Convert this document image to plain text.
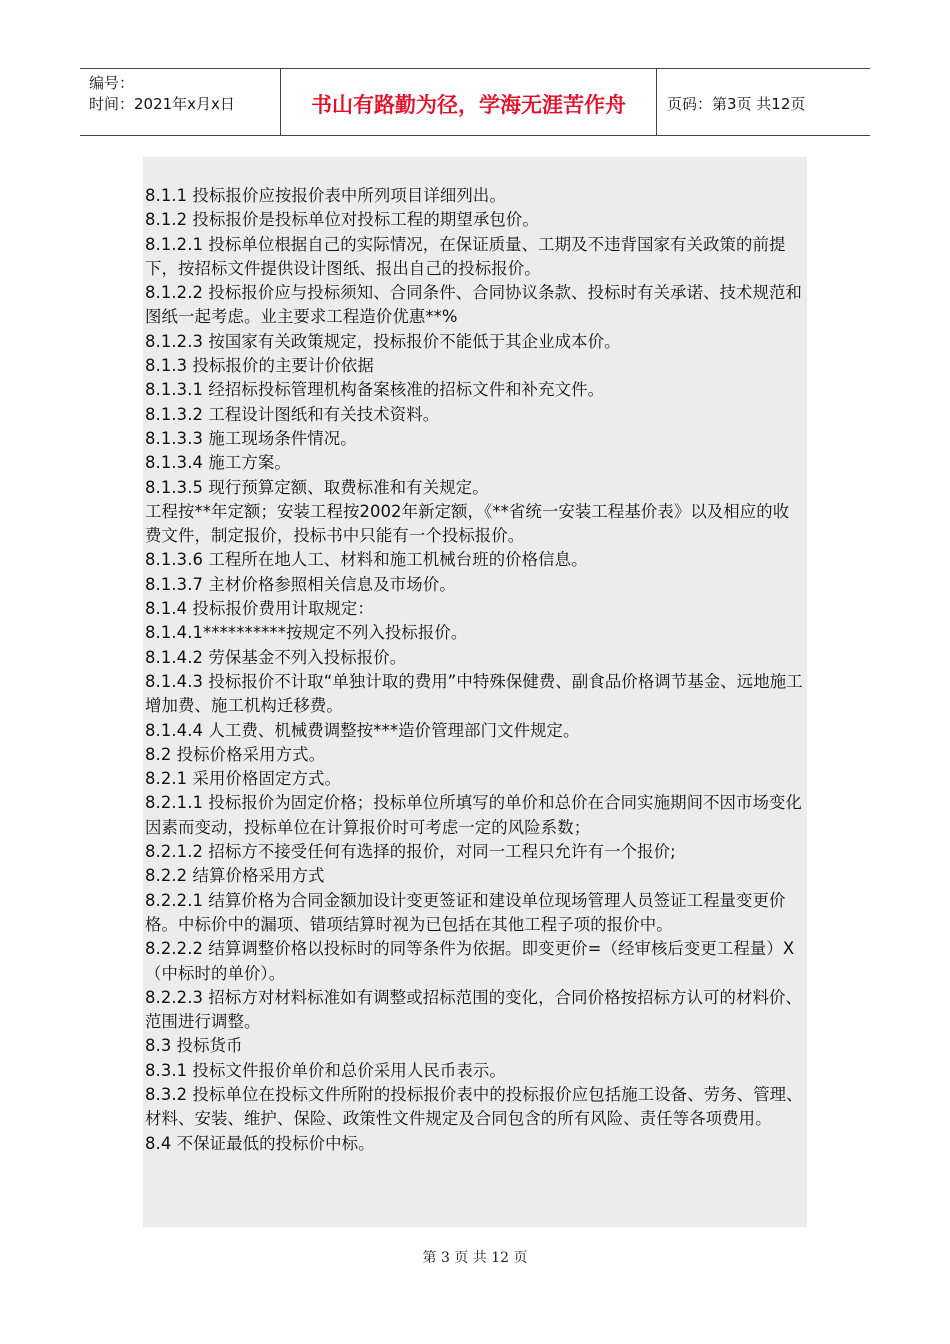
编号：
时间：2021年x月x日	书山有路勤为径，学海无涯苦作舟	页码：第3页 共12页

8.1.1 投标报价应按报价表中所列项目详细列出。

8.1.2 投标报价是投标单位对投标工程的期望承包价。

8.1.2.1 投标单位根据自己的实际情况，在保证质量、工期及不违背国家有关政策的前提下，按招标文件提供设计图纸、报出自己的投标报价。

8.1.2.2 投标报价应与投标须知、合同条件、合同协议条款、投标时有关承诺、技术规范和图纸一起考虑。业主要求工程造价优惠**%

8.1.2.3 按国家有关政策规定，投标报价不能低于其企业成本价。

8.1.3 投标报价的主要计价依据

8.1.3.1 经招标投标管理机构备案核准的招标文件和补充文件。

8.1.3.2 工程设计图纸和有关技术资料。

8.1.3.3 施工现场条件情况。

8.1.3.4 施工方案。

8.1.3.5 现行预算定额、取费标准和有关规定。

工程按**年定额；安装工程按2002年新定额，《**省统一安装工程基价表》以及相应的收费文件，制定报价，投标书中只能有一个投标报价。

8.1.3.6 工程所在地人工、材料和施工机械台班的价格信息。

8.1.3.7 主材价格参照相关信息及市场价。

8.1.4 投标报价费用计取规定：

8.1.4.1**********按规定不列入投标报价。

8.1.4.2 劳保基金不列入投标报价。

8.1.4.3 投标报价不计取“单独计取的费用”中特殊保健费、副食品价格调节基金、远地施工增加费、施工机构迁移费。

8.1.4.4 人工费、机械费调整按***造价管理部门文件规定。

8.2 投标价格采用方式。

8.2.1 采用价格固定方式。

8.2.1.1 投标报价为固定价格；投标单位所填写的单价和总价在合同实施期间不因市场变化因素而变动，投标单位在计算报价时可考虑一定的风险系数；

8.2.1.2 招标方不接受任何有选择的报价，对同一工程只允许有一个报价;

8.2.2 结算价格采用方式

8.2.2.1 结算价格为合同金额加设计变更签证和建设单位现场管理人员签证工程量变更价格。中标价中的漏项、错项结算时视为已包括在其他工程子项的报价中。

8.2.2.2 结算调整价格以投标时的同等条件为依据。即变更价=（经审核后变更工程量）X（中标时的单价）。

8.2.2.3 招标方对材料标准如有调整或招标范围的变化，合同价格按招标方认可的材料价、范围进行调整。

8.3 投标货币

8.3.1 投标文件报价单价和总价采用人民币表示。

8.3.2 投标单位在投标文件所附的投标报价表中的投标报价应包括施工设备、劳务、管理、材料、安装、维护、保险、政策性文件规定及合同包含的所有风险、责任等各项费用。

8.4 不保证最低的投标价中标。

第 3 页 共 12 页
